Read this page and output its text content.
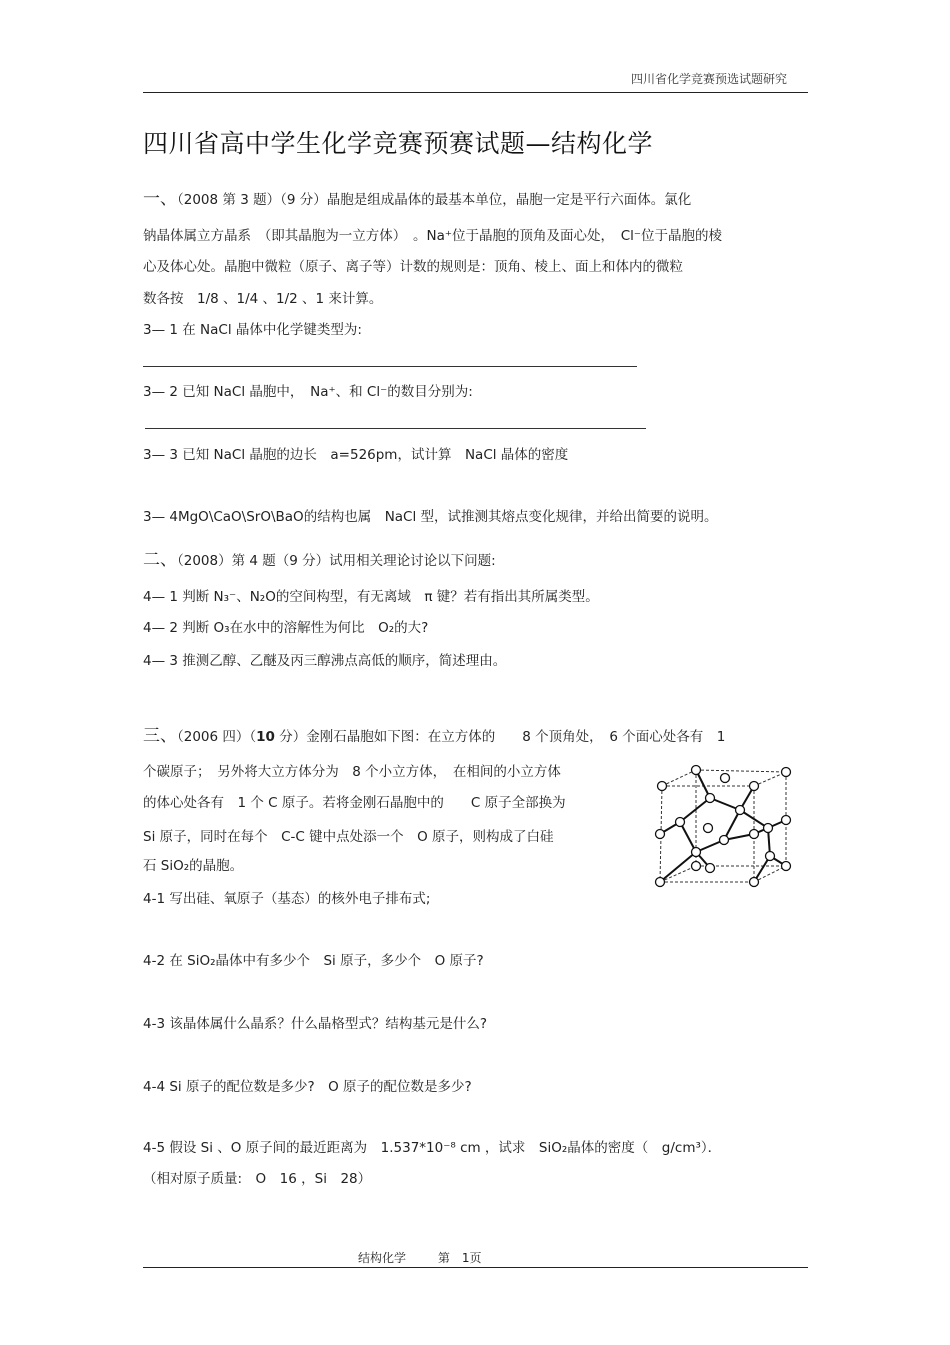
四川省化学竞赛预选试题研究
四川省高中学生化学竞赛预赛试题—结构化学
一、（2008 第 3 题）（9 分）晶胞是组成晶体的最基本单位，晶胞一定是平行六面体。氯化
钠晶体属立方晶系　（即其晶胞为一立方体）　。Na⁺位于晶胞的顶角及面心处，　Cl⁻位于晶胞的棱
心及体心处。晶胞中微粒（原子、离子等）计数的规则是：顶角、棱上、面上和体内的微粒
数各按　1/8 、1/4 、1/2 、1 来计算。
3— 1 在 NaCl 晶体中化学键类型为:
3— 2 已知 NaCl 晶胞中，　Na⁺、和 Cl⁻的数目分别为:
3— 3 已知 NaCl 晶胞的边长　a=526pm，试计算　NaCl 晶体的密度
3— 4MgO\CaO\SrO\BaO的结构也属　NaCl 型，试推测其熔点变化规律，并给出简要的说明。
二、（2008）第 4 题（9 分）试用相关理论讨论以下问题:
4— 1 判断 N₃⁻、N₂O的空间构型，有无离域　π 键？若有指出其所属类型。
4— 2 判断 O₃在水中的溶解性为何比　O₂的大?
4— 3 推测乙醇、乙醚及丙三醇沸点高低的顺序，简述理由。
三、（2006 四）（10 分）金刚石晶胞如下图：在立方体的　　8 个顶角处，　6 个面心处各有　1
个碳原子；　另外将大立方体分为　8 个小立方体，　在相间的小立方体
的体心处各有　1 个 C 原子。若将金刚石晶胞中的　　C 原子全部换为
Si 原子，同时在每个　C-C 键中点处添一个　O 原子，则构成了白硅
石 SiO₂的晶胞。
4-1 写出硅、氧原子（基态）的核外电子排布式;
4-2 在 SiO₂晶体中有多少个　Si 原子，多少个　O 原子?
4-3 该晶体属什么晶系？什么晶格型式？结构基元是什么?
4-4 Si 原子的配位数是多少?　O 原子的配位数是多少?
4-5 假设 Si 、O 原子间的最近距离为　1.537*10⁻⁸ cm ，试求　SiO₂晶体的密度（　g/cm³）．
（相对原子质量:　O　16 ，Si　28）
结构化学	第　1页
